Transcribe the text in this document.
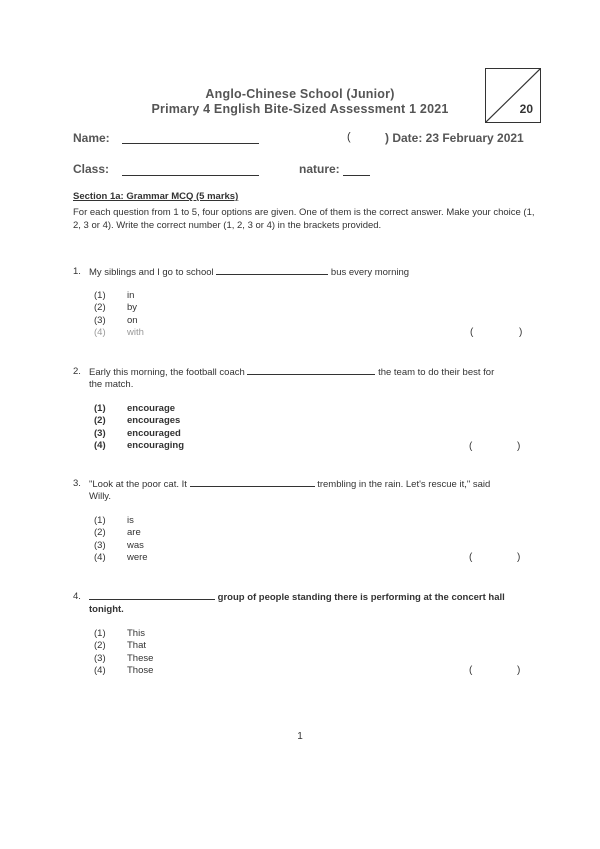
Anglo-Chinese School (Junior)
Primary 4 English Bite-Sized Assessment 1 2021	20
Name:	(	) Date: 23 February 2021
Class:	nature:
Section 1a: Grammar MCQ (5 marks)
For each question from 1 to 5, four options are given. One of them is the correct answer. Make your choice (1, 2, 3 or 4). Write the correct number (1, 2, 3 or 4) in the brackets provided.
1. My siblings and I go to school	bus every morning
(1) in
(2) by
(3) on
(4) with	(	)
2. Early this morning, the football coach	the team to do their best for
the match.
(1) encourage
(2) encourages
(3) encouraged
(4) encouraging	(	)
3. "Look at the poor cat. It	trembling in the rain. Let's rescue it," said
Willy.
(1) is
(2) are
(3) was
(4) were	(	)
4.	group of people standing there is performing at the concert hall
tonight.
(1) This
(2) That
(3) These
(4) Those	(	)
1
